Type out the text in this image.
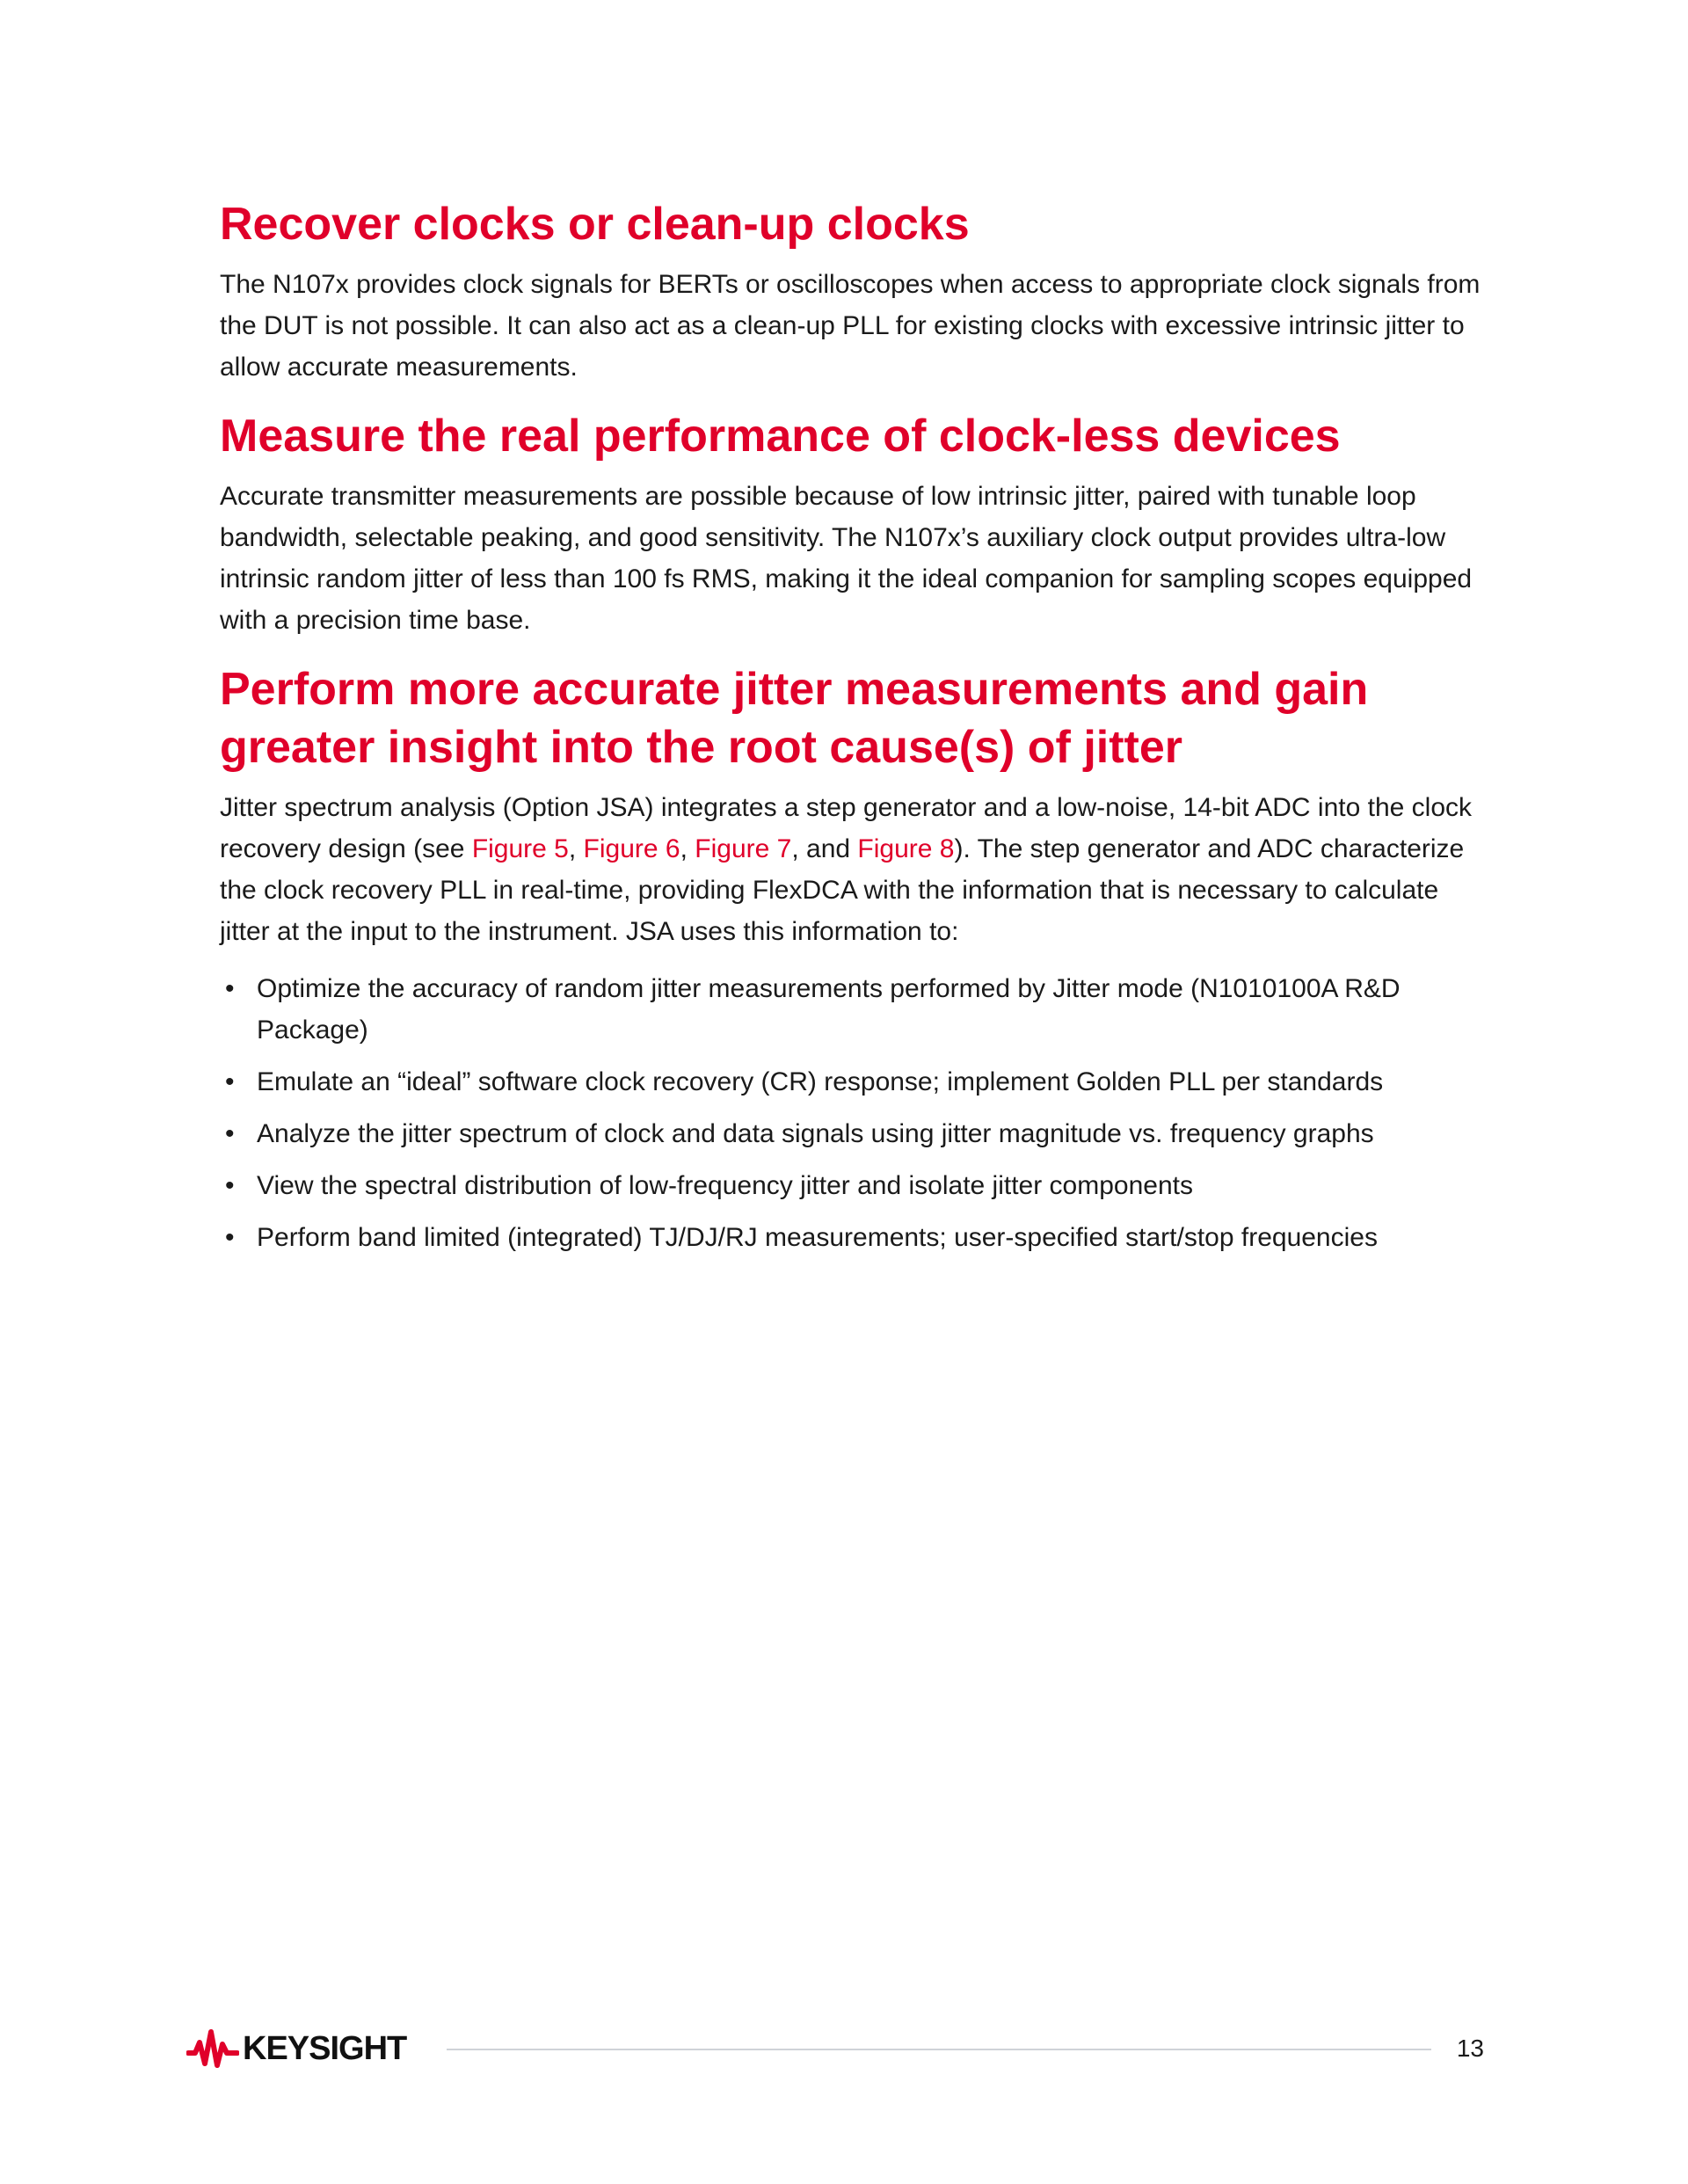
Recover clocks or clean-up clocks

The N107x provides clock signals for BERTs or oscilloscopes when access to appropriate clock signals from the DUT is not possible. It can also act as a clean-up PLL for existing clocks with excessive intrinsic jitter to allow accurate measurements.

Measure the real performance of clock-less devices

Accurate transmitter measurements are possible because of low intrinsic jitter, paired with tunable loop bandwidth, selectable peaking, and good sensitivity. The N107x’s auxiliary clock output provides ultra-low intrinsic random jitter of less than 100 fs RMS, making it the ideal companion for sampling scopes equipped with a precision time base.

Perform more accurate jitter measurements and gain greater insight into the root cause(s) of jitter

Jitter spectrum analysis (Option JSA) integrates a step generator and a low-noise, 14-bit ADC into the clock recovery design (see Figure 5, Figure 6, Figure 7, and Figure 8). The step generator and ADC characterize the clock recovery PLL in real-time, providing FlexDCA with the information that is necessary to calculate jitter at the input to the instrument. JSA uses this information to:

• Optimize the accuracy of random jitter measurements performed by Jitter mode (N1010100A R&D Package)
• Emulate an “ideal” software clock recovery (CR) response; implement Golden PLL per standards
• Analyze the jitter spectrum of clock and data signals using jitter magnitude vs. frequency graphs
• View the spectral distribution of low-frequency jitter and isolate jitter components
• Perform band limited (integrated) TJ/DJ/RJ measurements; user-specified start/stop frequencies
KEYSIGHT	13
